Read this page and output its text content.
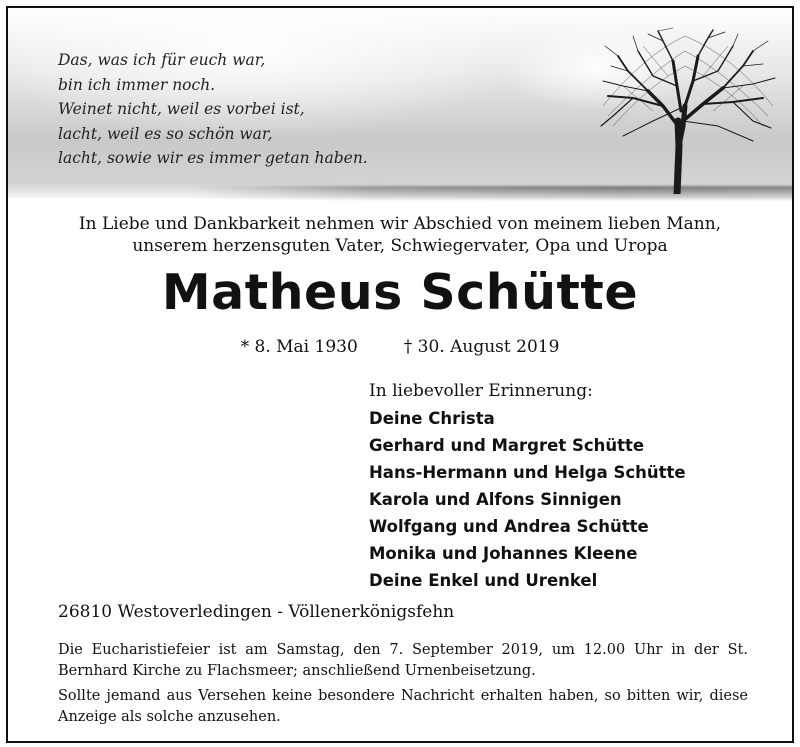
Das, was ich für euch war,
bin ich immer noch.
Weinet nicht, weil es vorbei ist,
lacht, weil es so schön war,
lacht, sowie wir es immer getan haben.
In Liebe und Dankbarkeit nehmen wir Abschied von meinem lieben Mann,
unserem herzensguten Vater, Schwiegervater, Opa und Uropa
Matheus Schütte
* 8. Mai 1930	† 30. August 2019
In liebevoller Erinnerung:
Deine Christa
Gerhard und Margret Schütte
Hans-Hermann und Helga Schütte
Karola und Alfons Sinnigen
Wolfgang und Andrea Schütte
Monika und Johannes Kleene
Deine Enkel und Urenkel
26810 Westoverledingen - Völlenerkönigsfehn

Die Eucharistiefeier ist am Samstag, den 7. September 2019, um 12.00 Uhr in der St. Bernhard Kirche zu Flachsmeer; anschließend Urnenbeisetzung.

Sollte jemand aus Versehen keine besondere Nachricht erhalten haben, so bitten wir, diese Anzeige als solche anzusehen.
